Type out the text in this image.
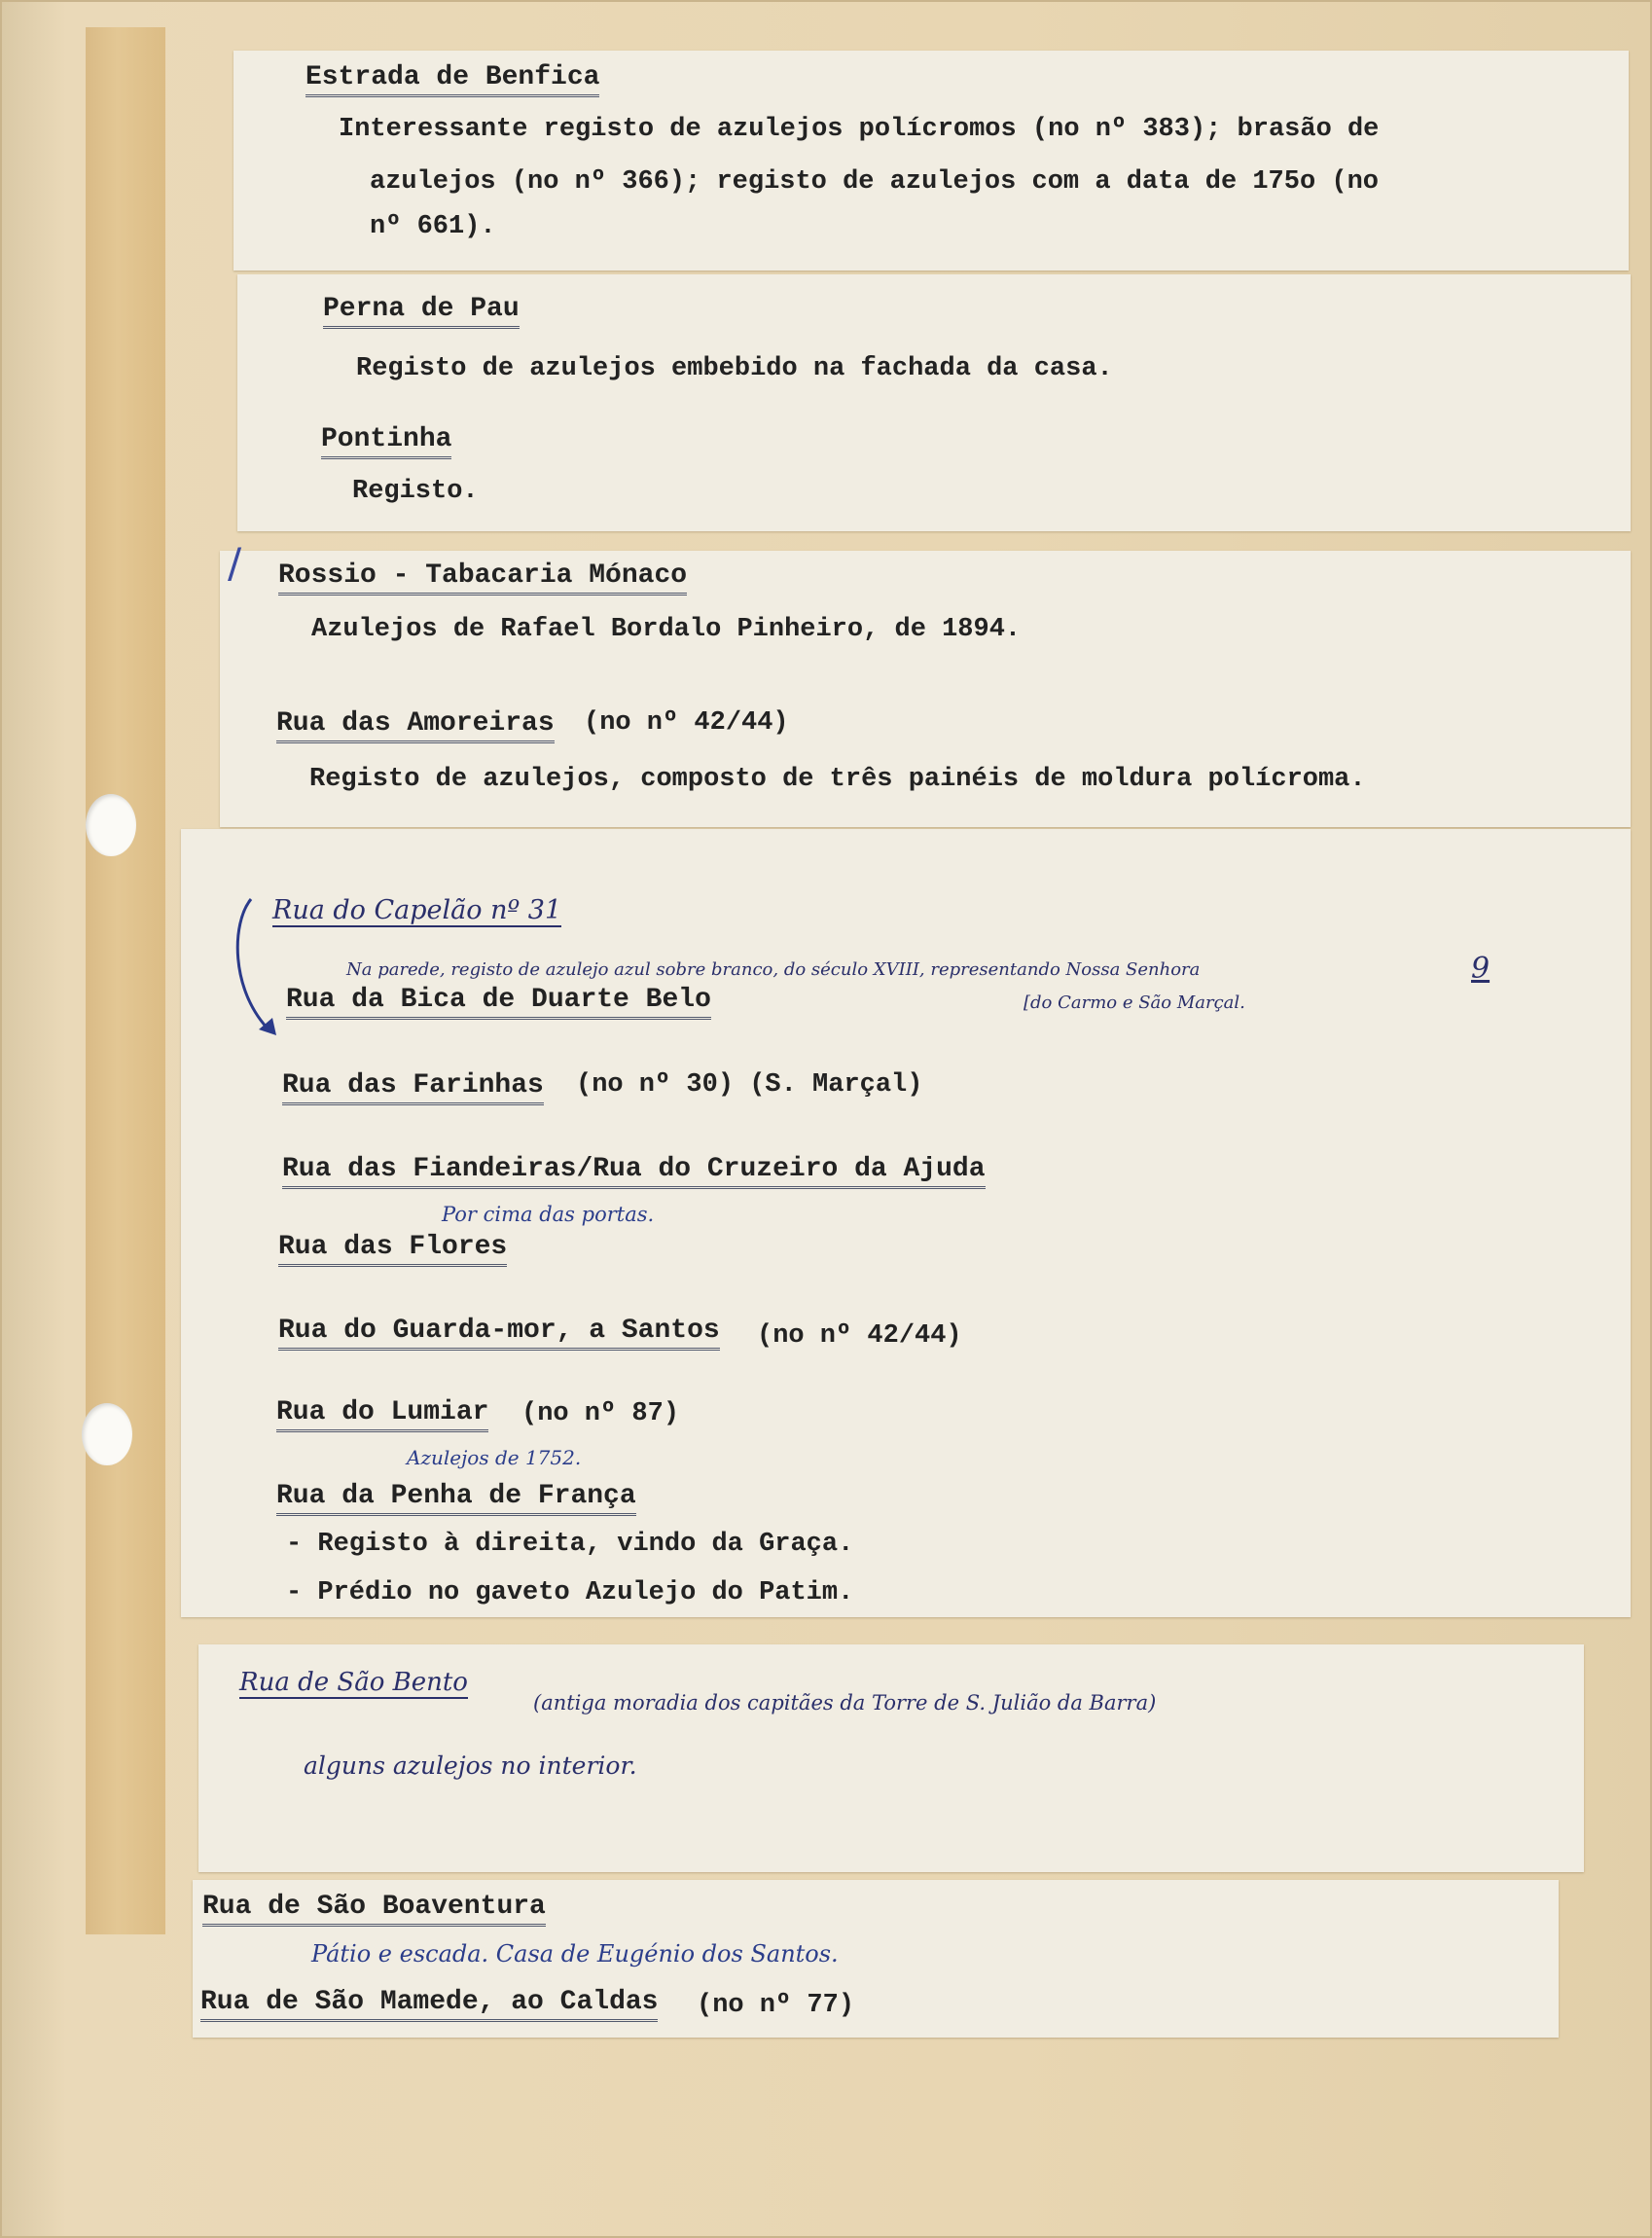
Estrada de Benfica
Interessante registo de azulejos polícromos (no nº 383); brasão de
azulejos (no nº 366); registo de azulejos com a data de 175o (no
nº 661).
Perna de Pau
Registo de azulejos embebido na fachada da casa.
Pontinha
Registo.
/ Rossio - Tabacaria Mónaco
Azulejos de Rafael Bordalo Pinheiro, de 1894.
Rua das Amoreiras (no nº 42/44)
Registo de azulejos, composto de três painéis de moldura polícroma.
Rua do Capelão nº 31
Na parede, registo de azulejo azul sobre branco, do século XVIII, representando Nossa Senhora	9
[do Carmo e São Marçal.
Rua da Bica de Duarte Belo
Rua das Farinhas (no nº 30) (S. Marçal)
Rua das Fiandeiras/Rua do Cruzeiro da Ajuda
Por cima das portas.
Rua das Flores
Rua do Guarda-mor, a Santos (no nº 42/44)
Rua do Lumiar (no nº 87)
Azulejos de 1752.
Rua da Penha de França
- Registo à direita, vindo da Graça.
- Prédio no gaveto Azulejo do Patim.
Rua de São Bento
(antiga moradia dos capitães da Torre de S. Julião da Barra)
alguns azulejos no interior.
Rua de São Boaventura
Pátio e escada. Casa de Eugénio dos Santos.
Rua de São Mamede, ao Caldas (no nº 77)
